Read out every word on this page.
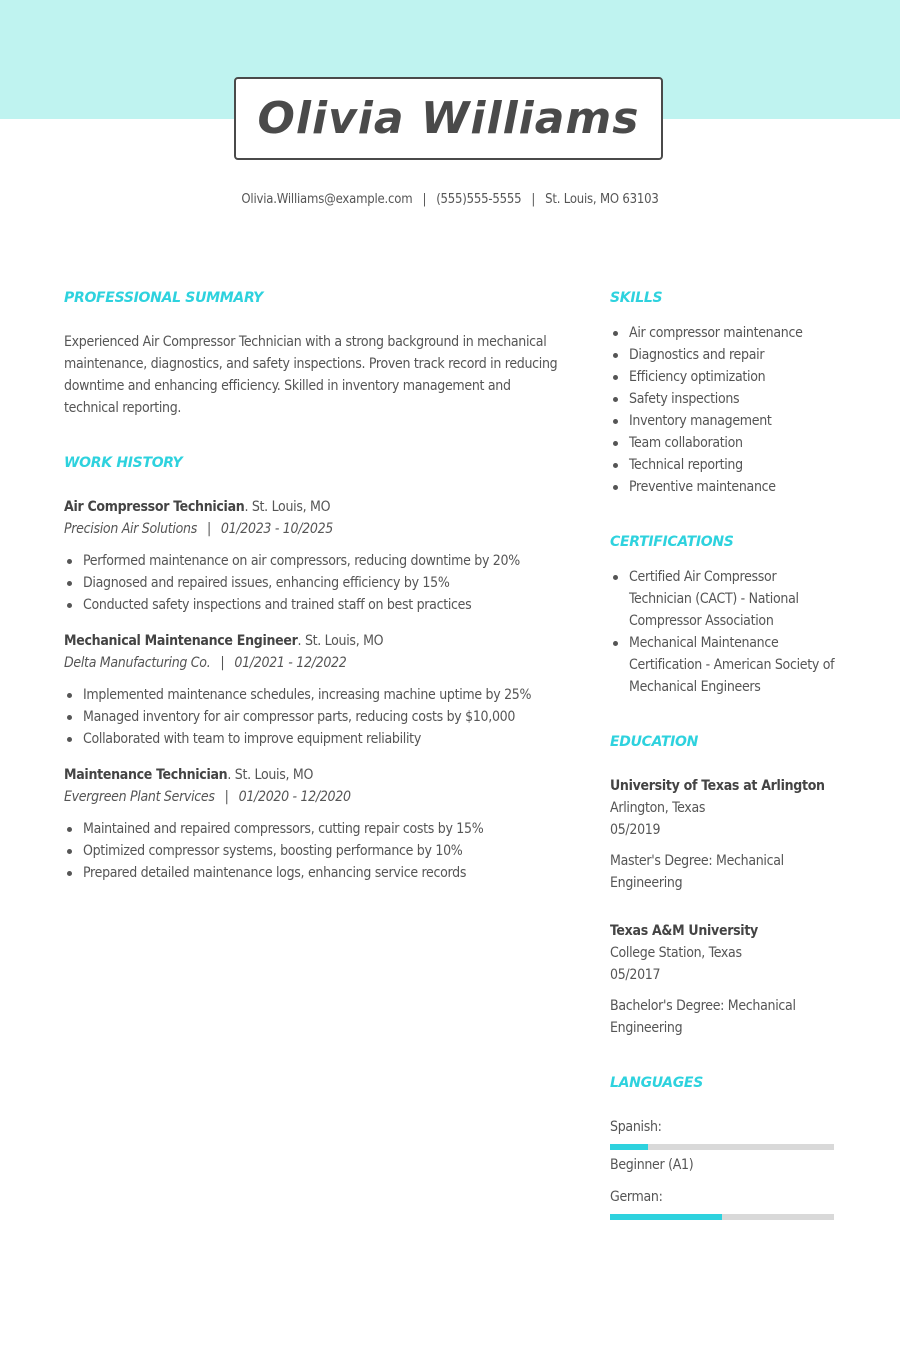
Olivia Williams
Olivia.Williams@example.com | (555)555-5555 | St. Louis, MO 63103
PROFESSIONAL SUMMARY
Experienced Air Compressor Technician with a strong background in mechanical maintenance, diagnostics, and safety inspections. Proven track record in reducing downtime and enhancing efficiency. Skilled in inventory management and technical reporting.
WORK HISTORY
Air Compressor Technician. St. Louis, MO
Precision Air Solutions | 01/2023 - 10/2025
Performed maintenance on air compressors, reducing downtime by 20%
Diagnosed and repaired issues, enhancing efficiency by 15%
Conducted safety inspections and trained staff on best practices
Mechanical Maintenance Engineer. St. Louis, MO
Delta Manufacturing Co. | 01/2021 - 12/2022
Implemented maintenance schedules, increasing machine uptime by 25%
Managed inventory for air compressor parts, reducing costs by $10,000
Collaborated with team to improve equipment reliability
Maintenance Technician. St. Louis, MO
Evergreen Plant Services | 01/2020 - 12/2020
Maintained and repaired compressors, cutting repair costs by 15%
Optimized compressor systems, boosting performance by 10%
Prepared detailed maintenance logs, enhancing service records
SKILLS
Air compressor maintenance
Diagnostics and repair
Efficiency optimization
Safety inspections
Inventory management
Team collaboration
Technical reporting
Preventive maintenance
CERTIFICATIONS
Certified Air Compressor Technician (CACT) - National Compressor Association
Mechanical Maintenance Certification - American Society of Mechanical Engineers
EDUCATION
University of Texas at Arlington
Arlington, Texas
05/2019
Master's Degree: Mechanical Engineering
Texas A&M University
College Station, Texas
05/2017
Bachelor's Degree: Mechanical Engineering
LANGUAGES
Spanish:
Beginner (A1)
German:
